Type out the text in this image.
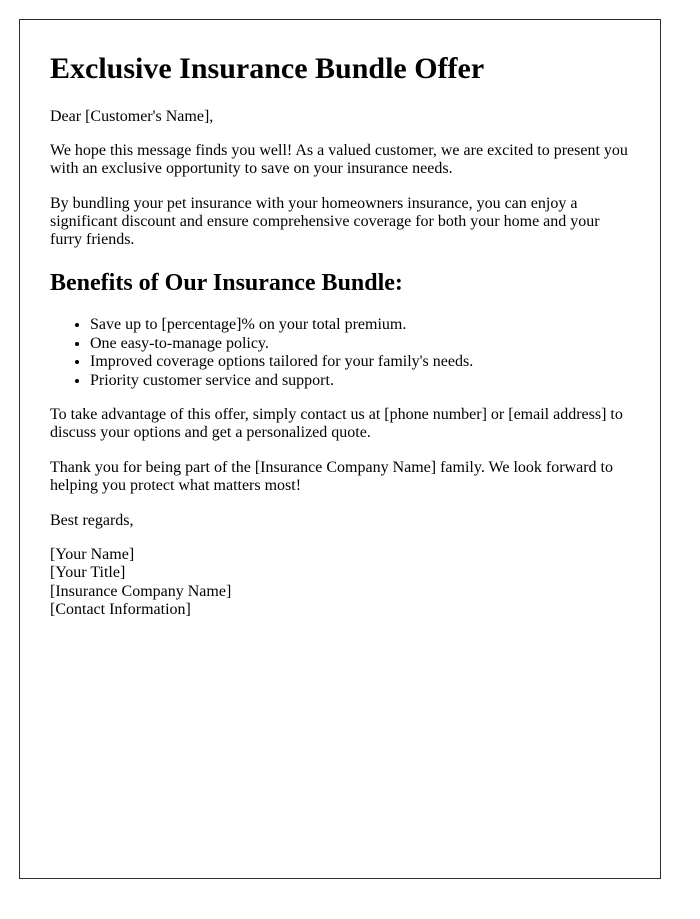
Exclusive Insurance Bundle Offer

Dear [Customer's Name],

We hope this message finds you well! As a valued customer, we are excited to present you with an exclusive opportunity to save on your insurance needs.

By bundling your pet insurance with your homeowners insurance, you can enjoy a significant discount and ensure comprehensive coverage for both your home and your furry friends.

Benefits of Our Insurance Bundle:
• Save up to [percentage]% on your total premium.
• One easy-to-manage policy.
• Improved coverage options tailored for your family's needs.
• Priority customer service and support.

To take advantage of this offer, simply contact us at [phone number] or [email address] to discuss your options and get a personalized quote.

Thank you for being part of the [Insurance Company Name] family. We look forward to helping you protect what matters most!

Best regards,

[Your Name]
[Your Title]
[Insurance Company Name]
[Contact Information]
